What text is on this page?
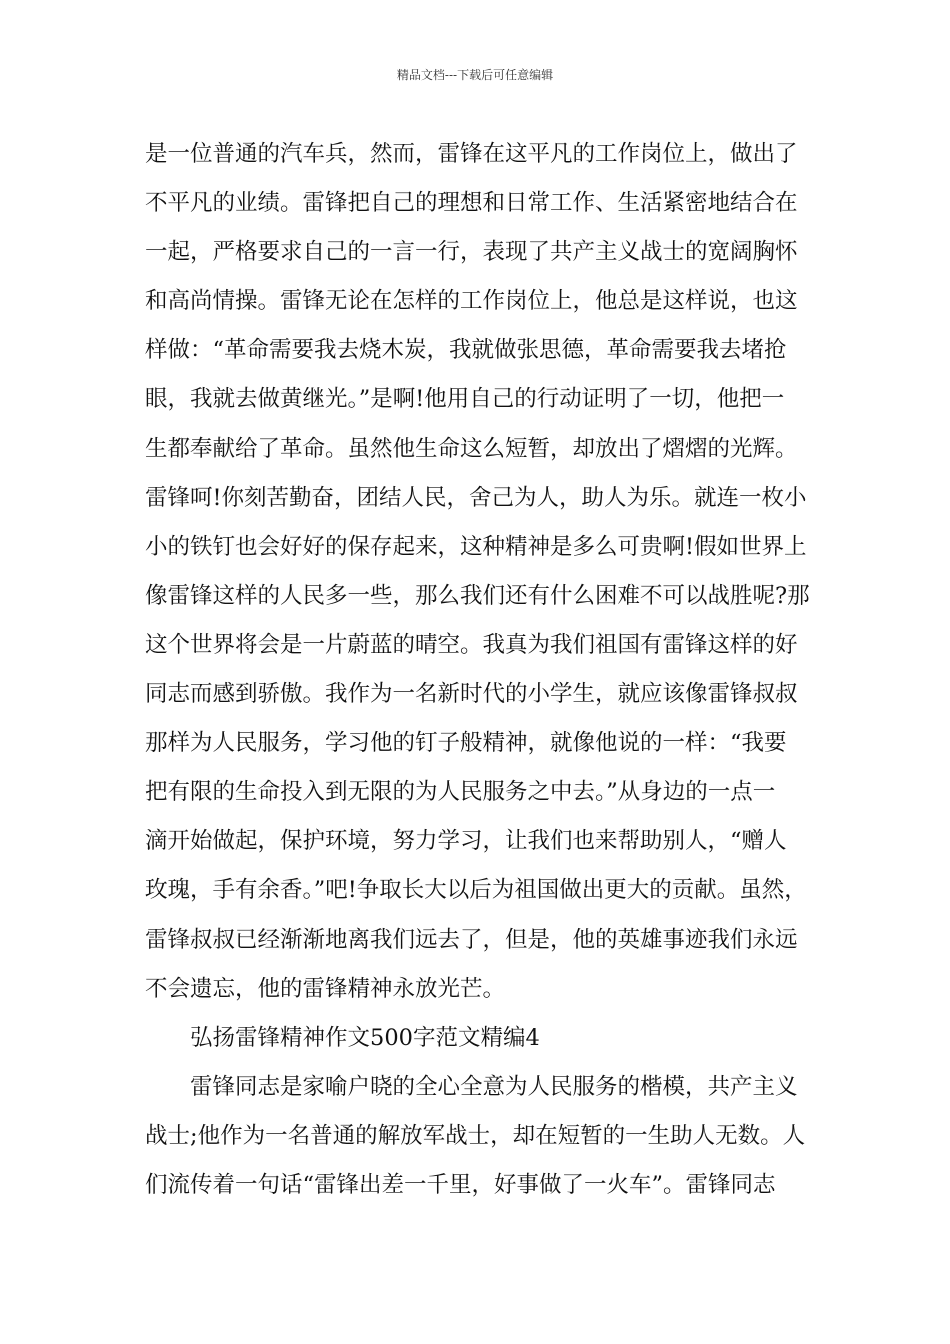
精品文档---下载后可任意编辑
是一位普通的汽车兵，然而，雷锋在这平凡的工作岗位上，做出了
不平凡的业绩。雷锋把自己的理想和日常工作、生活紧密地结合在
一起，严格要求自己的一言一行，表现了共产主义战士的宽阔胸怀
和高尚情操。雷锋无论在怎样的工作岗位上，他总是这样说，也这
样做：“革命需要我去烧木炭，我就做张思德，革命需要我去堵抢
眼，我就去做黄继光。”是啊!他用自己的行动证明了一切，他把一
生都奉献给了革命。虽然他生命这么短暂，却放出了熠熠的光辉。
雷锋呵!你刻苦勤奋，团结人民，舍己为人，助人为乐。就连一枚小
小的铁钉也会好好的保存起来，这种精神是多么可贵啊!假如世界上
像雷锋这样的人民多一些，那么我们还有什么困难不可以战胜呢?那
这个世界将会是一片蔚蓝的晴空。我真为我们祖国有雷锋这样的好
同志而感到骄傲。我作为一名新时代的小学生，就应该像雷锋叔叔
那样为人民服务，学习他的钉子般精神，就像他说的一样：“我要
把有限的生命投入到无限的为人民服务之中去。”从身边的一点一
滴开始做起，保护环境，努力学习，让我们也来帮助别人，“赠人
玫瑰，手有余香。”吧!争取长大以后为祖国做出更大的贡献。虽然，
雷锋叔叔已经渐渐地离我们远去了，但是，他的英雄事迹我们永远
不会遗忘，他的雷锋精神永放光芒。
弘扬雷锋精神作文500字范文精编4
雷锋同志是家喻户晓的全心全意为人民服务的楷模，共产主义
战士;他作为一名普通的解放军战士，却在短暂的一生助人无数。人
们流传着一句话“雷锋出差一千里，好事做了一火车”。雷锋同志
